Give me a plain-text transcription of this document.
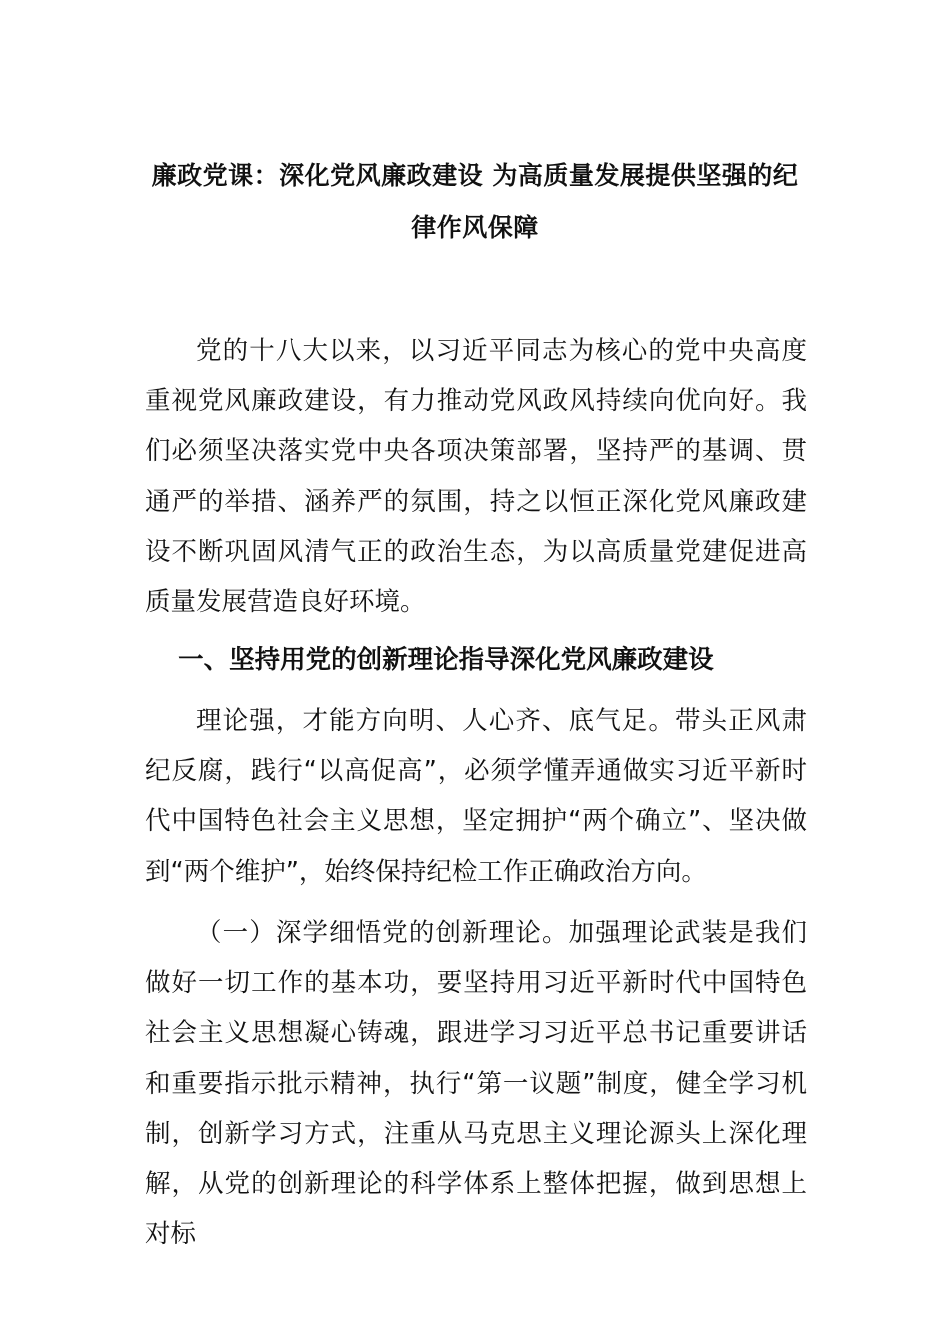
廉政党课：深化党风廉政建设 为高质量发展提供坚强的纪律作风保障

党的十八大以来，以习近平同志为核心的党中央高度重视党风廉政建设，有力推动党风政风持续向优向好。我们必须坚决落实党中央各项决策部署，坚持严的基调、贯通严的举措、涵养严的氛围，持之以恒正深化党风廉政建设不断巩固风清气正的政治生态，为以高质量党建促进高质量发展营造良好环境。

一、坚持用党的创新理论指导深化党风廉政建设

理论强，才能方向明、人心齐、底气足。带头正风肃纪反腐，践行“以高促高”，必须学懂弄通做实习近平新时代中国特色社会主义思想，坚定拥护“两个确立”、坚决做到“两个维护”，始终保持纪检工作正确政治方向。

（一）深学细悟党的创新理论。加强理论武装是我们做好一切工作的基本功，要坚持用习近平新时代中国特色社会主义思想凝心铸魂，跟进学习习近平总书记重要讲话和重要指示批示精神，执行“第一议题”制度，健全学习机制，创新学习方式，注重从马克思主义理论源头上深化理解，从党的创新理论的科学体系上整体把握，做到思想上对标
